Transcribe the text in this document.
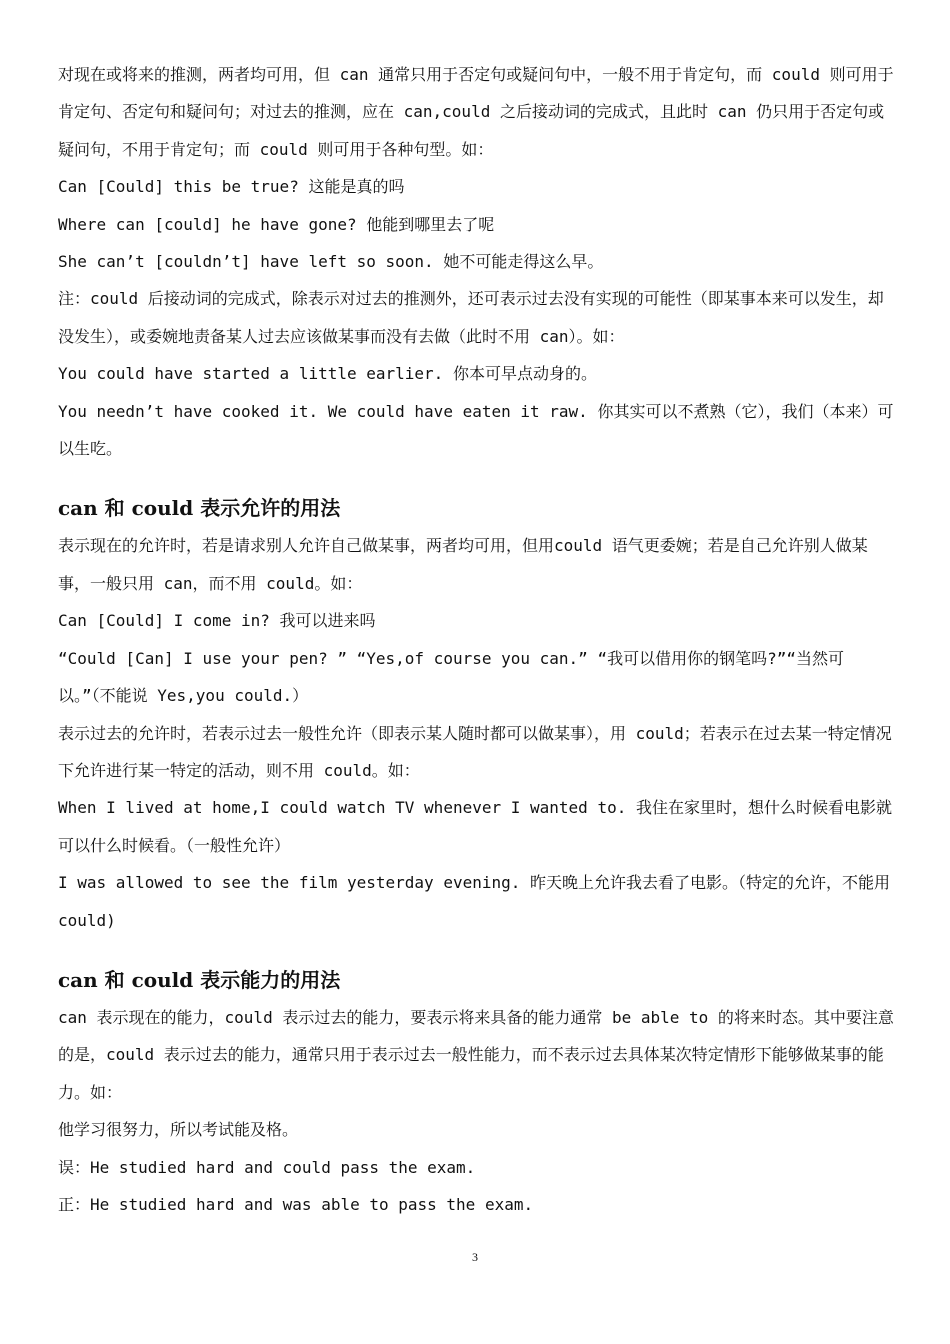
对现在或将来的推测，两者均可用，但 can 通常只用于否定句或疑问句中，一般不用于肯定句，而 could 则可用于肯定句、否定句和疑问句；对过去的推测，应在 can,could 之后接动词的完成式，且此时 can 仍只用于否定句或疑问句，不用于肯定句；而 could 则可用于各种句型。如：

Can [Could] this be true? 这能是真的吗

Where can [could] he have gone? 他能到哪里去了呢

She can’t [couldn’t] have left so soon. 她不可能走得这么早。

注：could 后接动词的完成式，除表示对过去的推测外，还可表示过去没有实现的可能性（即某事本来可以发生，却没发生），或委婉地责备某人过去应该做某事而没有去做（此时不用 can）。如：

You could have started a little earlier. 你本可早点动身的。

You needn’t have cooked it. We could have eaten it raw. 你其实可以不煮熟（它），我们（本来）可以生吃。

can 和 could 表示允许的用法

表示现在的允许时，若是请求别人允许自己做某事，两者均可用，但用could 语气更委婉；若是自己允许别人做某事，一般只用 can，而不用 could。如：

Can [Could] I come in? 我可以进来吗

“Could [Can] I use your pen? ” “Yes,of course you can.” “我可以借用你的钢笔吗?”“当然可以。”（不能说 Yes,you could.）

表示过去的允许时，若表示过去一般性允许（即表示某人随时都可以做某事），用 could；若表示在过去某一特定情况下允许进行某一特定的活动，则不用 could。如：

When I lived at home,I could watch TV whenever I wanted to. 我住在家里时，想什么时候看电影就可以什么时候看。（一般性允许）

I was allowed to see the film yesterday evening. 昨天晚上允许我去看了电影。（特定的允许，不能用 could)

can 和 could 表示能力的用法

can 表示现在的能力，could 表示过去的能力，要表示将来具备的能力通常 be able to 的将来时态。其中要注意的是，could 表示过去的能力，通常只用于表示过去一般性能力，而不表示过去具体某次特定情形下能够做某事的能力。如：

他学习很努力，所以考试能及格。

误：He studied hard and could pass the exam.

正：He studied hard and was able to pass the exam.

3
